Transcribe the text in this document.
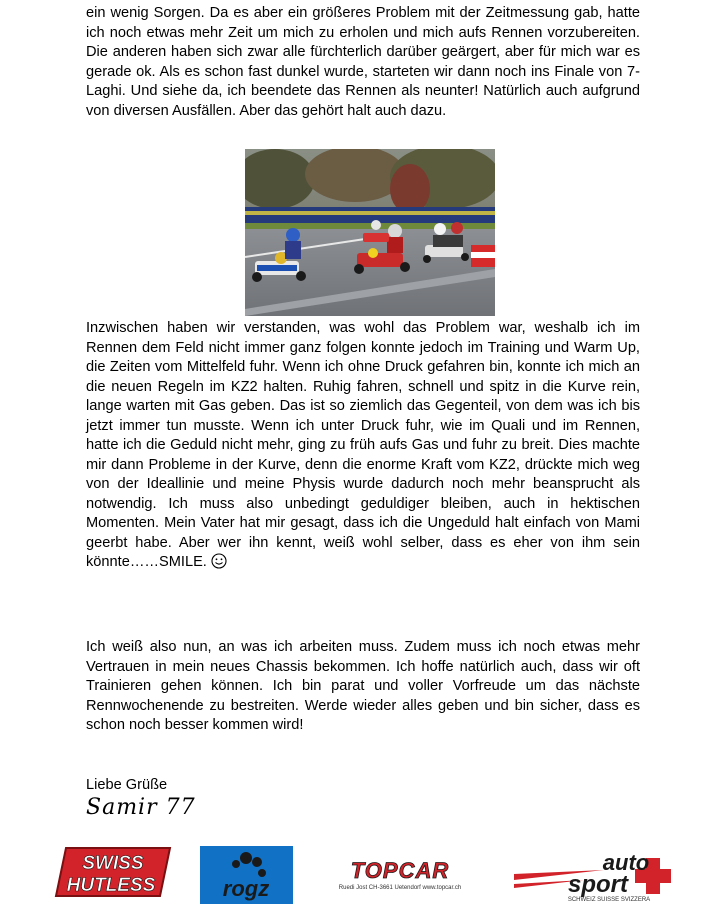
ein wenig Sorgen. Da es aber ein größeres Problem mit der Zeitmessung gab, hatte ich noch etwas mehr Zeit um mich zu erholen und mich aufs Rennen vorzubereiten. Die anderen haben sich zwar alle fürchterlich darüber geärgert, aber für mich war es gerade ok. Als es schon fast dunkel wurde, starteten wir dann noch ins Finale von 7-Laghi. Und siehe da, ich beendete das Rennen als neunter! Natürlich auch aufgrund von diversen Ausfällen. Aber das gehört halt auch dazu.

Inzwischen haben wir verstanden, was wohl das Problem war, weshalb ich im Rennen dem Feld nicht immer ganz folgen konnte jedoch im Training und Warm Up, die Zeiten vom Mittelfeld fuhr. Wenn ich ohne Druck gefahren bin, konnte ich mich an die neuen Regeln im KZ2 halten. Ruhig fahren, schnell und spitz in die Kurve rein, lange warten mit Gas geben. Das ist so ziemlich das Gegenteil, von dem was ich bis jetzt immer tun musste. Wenn ich unter Druck fuhr, wie im Quali und im Rennen, hatte ich die Geduld nicht mehr, ging zu früh aufs Gas und fuhr zu breit. Dies machte mir dann Probleme in der Kurve, denn die enorme Kraft vom KZ2, drückte mich weg von der Ideallinie und meine Physis wurde dadurch noch mehr beansprucht als notwendig. Ich muss also unbedingt geduldiger bleiben, auch in hektischen Momenten. Mein Vater hat mir gesagt, dass ich die Ungeduld halt einfach von Mami geerbt habe. Aber wer ihn kennt, weiß wohl selber, dass es eher von ihm sein könnte……SMILE.

Ich weiß also nun, an was ich arbeiten muss. Zudem muss ich noch etwas mehr Vertrauen in mein neues Chassis bekommen. Ich hoffe natürlich auch, dass wir oft Trainieren gehen können. Ich bin parat und voller Vorfreude um das nächste Rennwochenende zu bestreiten. Werde wieder alles geben und bin sicher, dass es schon noch besser kommen wird!

Liebe Grüße
Samir 77
SWISS
HUTLESS	rogz
TOPCAR
Ruedi Jost CH-3661 Uetendorf www.topcar.ch
auto
sport
SCHWEIZ SUISSE SVIZZERA
